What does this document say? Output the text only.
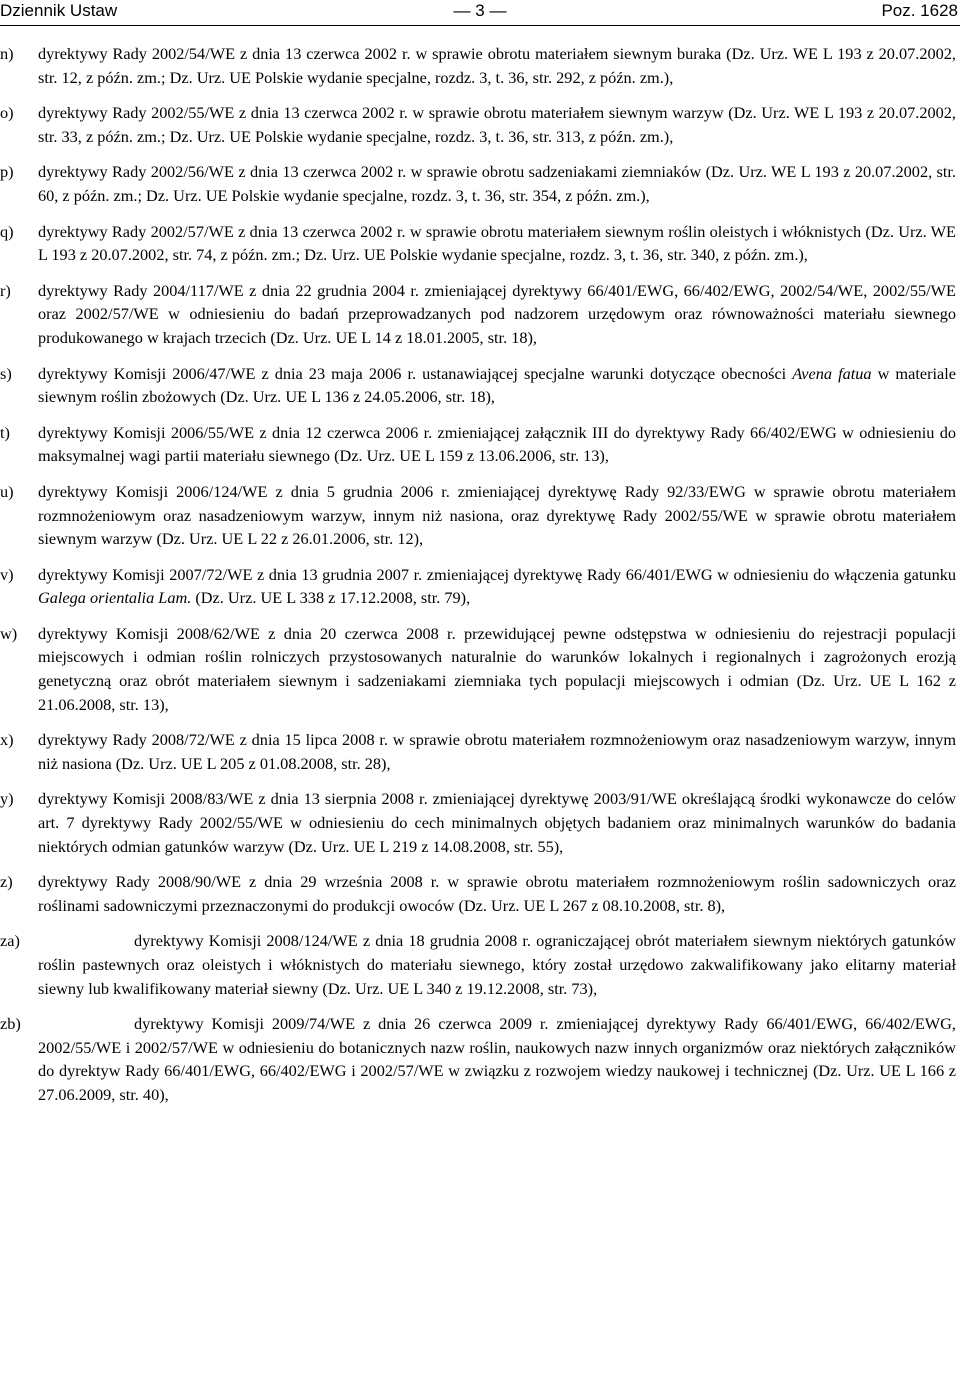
Dziennik Ustaw	— 3 —	Poz. 1628
n) dyrektywy Rady 2002/54/WE z dnia 13 czerwca 2002 r. w sprawie obrotu materiałem siewnym buraka (Dz. Urz. WE L 193 z 20.07.2002, str. 12, z późn. zm.; Dz. Urz. UE Polskie wydanie specjalne, rozdz. 3, t. 36, str. 292, z późn. zm.),
o) dyrektywy Rady 2002/55/WE z dnia 13 czerwca 2002 r. w sprawie obrotu materiałem siewnym warzyw (Dz. Urz. WE L 193 z 20.07.2002, str. 33, z późn. zm.; Dz. Urz. UE Polskie wydanie specjalne, rozdz. 3, t. 36, str. 313, z późn. zm.),
p) dyrektywy Rady 2002/56/WE z dnia 13 czerwca 2002 r. w sprawie obrotu sadzeniakami ziemniaków (Dz. Urz. WE L 193 z 20.07.2002, str. 60, z późn. zm.; Dz. Urz. UE Polskie wydanie specjalne, rozdz. 3, t. 36, str. 354, z późn. zm.),
q) dyrektywy Rady 2002/57/WE z dnia 13 czerwca 2002 r. w sprawie obrotu materiałem siewnym roślin oleistych i włóknistych (Dz. Urz. WE L 193 z 20.07.2002, str. 74, z późn. zm.; Dz. Urz. UE Polskie wydanie specjalne, rozdz. 3, t. 36, str. 340, z późn. zm.),
r) dyrektywy Rady 2004/117/WE z dnia 22 grudnia 2004 r. zmieniającej dyrektywy 66/401/EWG, 66/402/EWG, 2002/54/WE, 2002/55/WE oraz 2002/57/WE w odniesieniu do badań przeprowadzanych pod nadzorem urzędowym oraz równoważności materiału siewnego produkowanego w krajach trzecich (Dz. Urz. UE L 14 z 18.01.2005, str. 18),
s) dyrektywy Komisji 2006/47/WE z dnia 23 maja 2006 r. ustanawiającej specjalne warunki dotyczące obecności Avena fatua w materiale siewnym roślin zbożowych (Dz. Urz. UE L 136 z 24.05.2006, str. 18),
t) dyrektywy Komisji 2006/55/WE z dnia 12 czerwca 2006 r. zmieniającej załącznik III do dyrektywy Rady 66/402/EWG w odniesieniu do maksymalnej wagi partii materiału siewnego (Dz. Urz. UE L 159 z 13.06.2006, str. 13),
u) dyrektywy Komisji 2006/124/WE z dnia 5 grudnia 2006 r. zmieniającej dyrektywę Rady 92/33/EWG w sprawie obrotu materiałem rozmnożeniowym oraz nasadzeniowym warzyw, innym niż nasiona, oraz dyrektywę Rady 2002/55/WE w sprawie obrotu materiałem siewnym warzyw (Dz. Urz. UE L 22 z 26.01.2006, str. 12),
v) dyrektywy Komisji 2007/72/WE z dnia 13 grudnia 2007 r. zmieniającej dyrektywę Rady 66/401/EWG w odniesieniu do włączenia gatunku Galega orientalia Lam. (Dz. Urz. UE L 338 z 17.12.2008, str. 79),
w) dyrektywy Komisji 2008/62/WE z dnia 20 czerwca 2008 r. przewidującej pewne odstępstwa w odniesieniu do rejestracji populacji miejscowych i odmian roślin rolniczych przystosowanych naturalnie do warunków lokalnych i regionalnych i zagrożonych erozją genetyczną oraz obrót materiałem siewnym i sadzeniakami ziemniaka tych populacji miejscowych i odmian (Dz. Urz. UE L 162 z 21.06.2008, str. 13),
x) dyrektywy Rady 2008/72/WE z dnia 15 lipca 2008 r. w sprawie obrotu materiałem rozmnożeniowym oraz nasadzeniowym warzyw, innym niż nasiona (Dz. Urz. UE L 205 z 01.08.2008, str. 28),
y) dyrektywy Komisji 2008/83/WE z dnia 13 sierpnia 2008 r. zmieniającej dyrektywę 2003/91/WE określającą środki wykonawcze do celów art. 7 dyrektywy Rady 2002/55/WE w odniesieniu do cech minimalnych objętych badaniem oraz minimalnych warunków do badania niektórych odmian gatunków warzyw (Dz. Urz. UE L 219 z 14.08.2008, str. 55),
z) dyrektywy Rady 2008/90/WE z dnia 29 września 2008 r. w sprawie obrotu materiałem rozmnożeniowym roślin sadowniczych oraz roślinami sadowniczymi przeznaczonymi do produkcji owoców (Dz. Urz. UE L 267 z 08.10.2008, str. 8),
za)	dyrektywy Komisji 2008/124/WE z dnia 18 grudnia 2008 r. ograniczającej obrót materiałem siewnym niektórych gatunków roślin pastewnych oraz oleistych i włóknistych do materiału siewnego, który został urzędowo zakwalifikowany jako elitarny materiał siewny lub kwalifikowany materiał siewny (Dz. Urz. UE L 340 z 19.12.2008, str. 73),
zb)	dyrektywy Komisji 2009/74/WE z dnia 26 czerwca 2009 r. zmieniającej dyrektywy Rady 66/401/EWG, 66/402/EWG, 2002/55/WE i 2002/57/WE w odniesieniu do botanicznych nazw roślin, naukowych nazw innych organizmów oraz niektórych załączników do dyrektyw Rady 66/401/EWG, 66/402/EWG i 2002/57/WE w związku z rozwojem wiedzy naukowej i technicznej (Dz. Urz. UE L 166 z 27.06.2009, str. 40),
